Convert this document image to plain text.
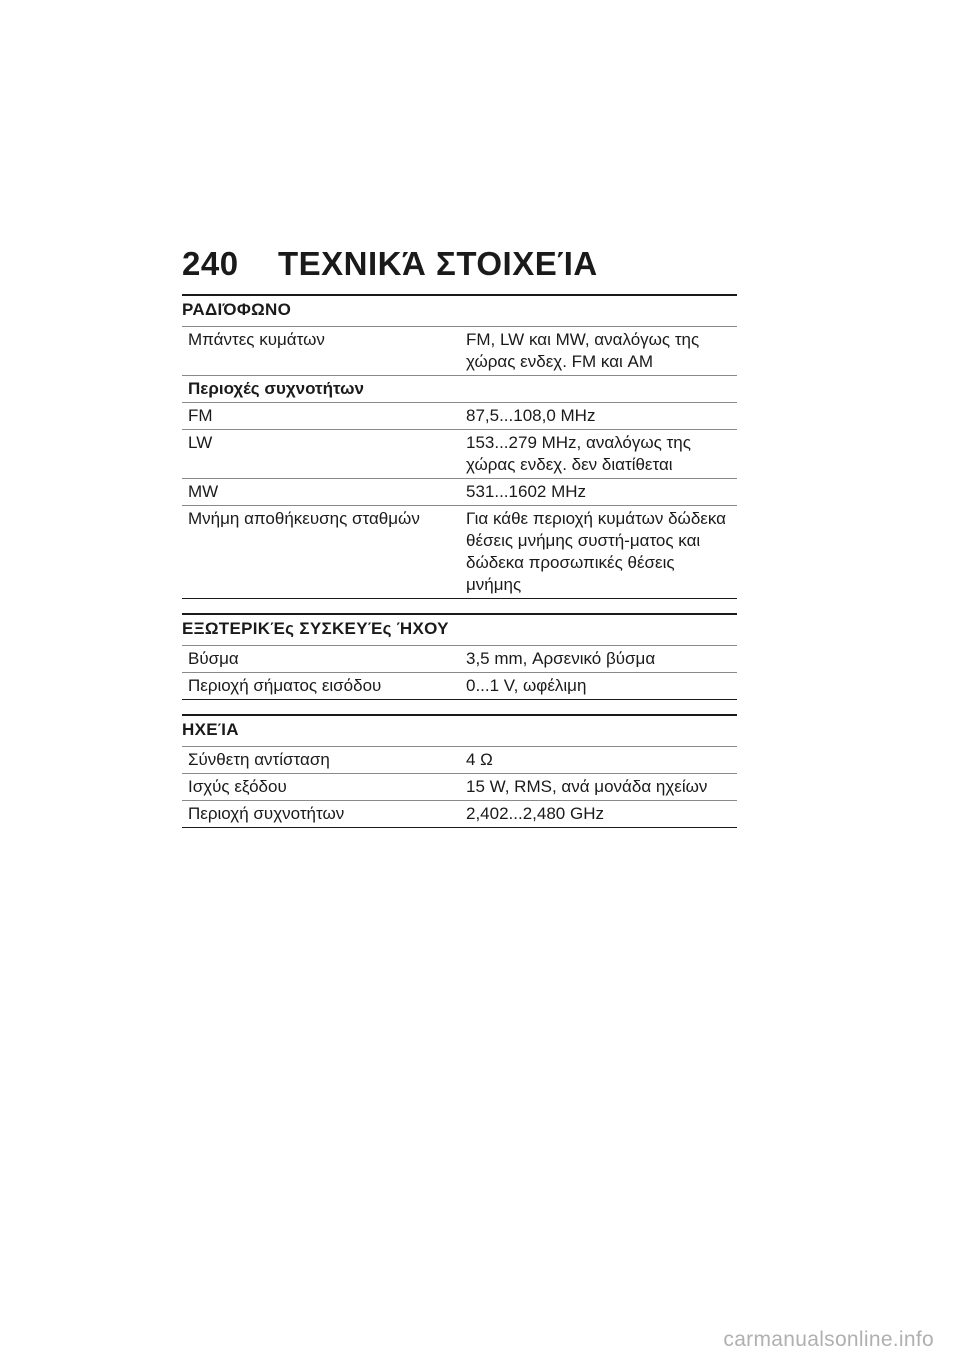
240 ΤΕΧΝΙΚΆ ΣΤΟΙΧΕΊΑ
ΡΑΔΙΌΦΩΝΟ
Μπάντες κυμάτων	FM, LW και MW, αναλόγως της χώρας ενδεχ. FM και AM
Περιοχές συχνοτήτων	
FM	87,5...108,0 MHz
LW	153...279 MHz, αναλόγως της χώρας ενδεχ. δεν διατίθεται
MW	531...1602 MHz
Μνήμη αποθήκευσης σταθμών	Για κάθε περιοχή κυμάτων δώδεκα θέσεις μνήμης συστή-ματος και δώδεκα προσωπικές θέσεις μνήμης
ΕΞΩΤΕΡΙΚΈς ΣΥΣΚΕΥΈς ΉΧΟΥ
Βύσμα	3,5 mm, Αρσενικό βύσμα
Περιοχή σήματος εισόδου	0...1 V, ωφέλιμη
ΗΧΕΊΑ
Σύνθετη αντίσταση	4 Ω
Ισχύς εξόδου	15 W, RMS, ανά μονάδα ηχείων
Περιοχή συχνοτήτων	2,402...2,480 GHz
carmanualsonline.info
